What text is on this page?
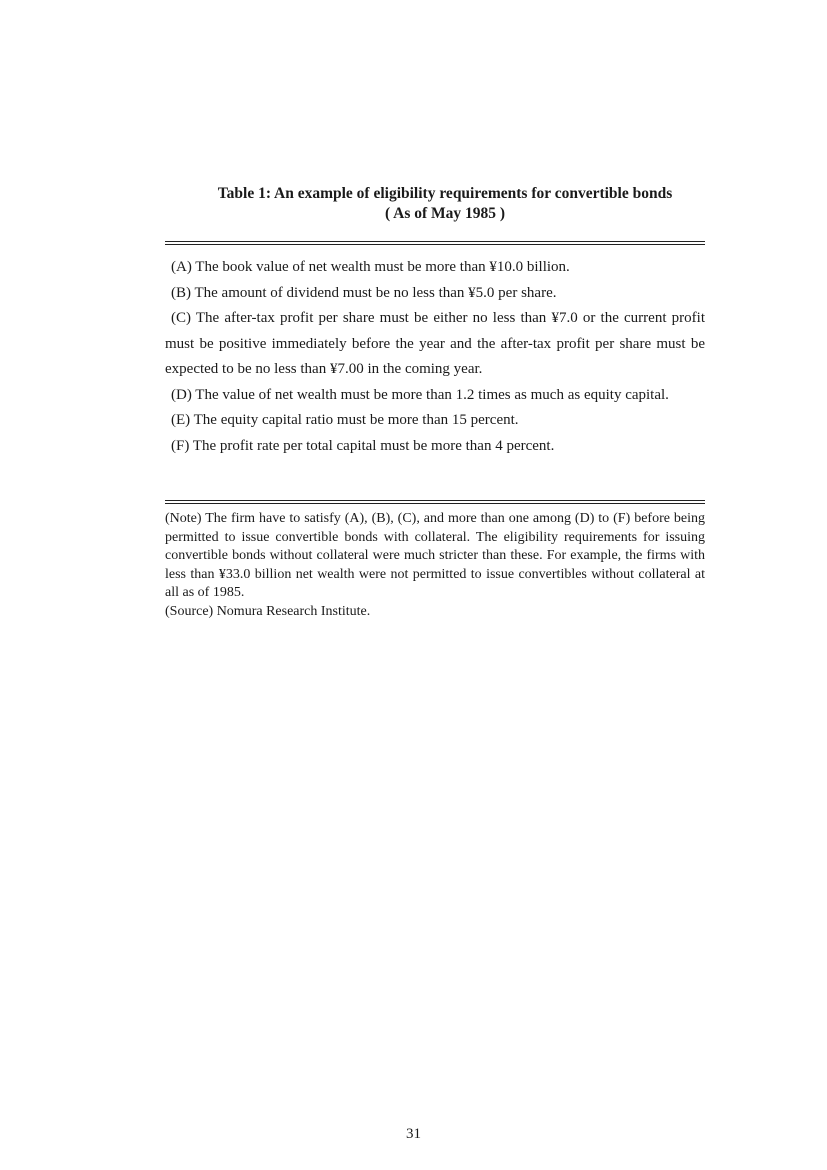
Table 1: An example of eligibility requirements for convertible bonds
( As of May 1985 )

(A) The book value of net wealth must be more than ¥10.0 billion.

(B) The amount of dividend must be no less than ¥5.0 per share.

(C) The after-tax profit per share must be either no less than ¥7.0 or the current profit must be positive immediately before the year and the after-tax profit per share must be expected to be no less than ¥7.00 in the coming year.

(D) The value of net wealth must be more than 1.2 times as much as equity capital.

(E) The equity capital ratio must be more than 15 percent.

(F) The profit rate per total capital must be more than 4 percent.

(Note) The firm have to satisfy (A), (B), (C), and more than one among (D) to (F) before being permitted to issue convertible bonds with collateral. The eligibility requirements for issuing convertible bonds without collateral were much stricter than these. For example, the firms with less than ¥33.0 billion net wealth were not permitted to issue convertibles without collateral at all as of 1985.

(Source) Nomura Research Institute.

31
